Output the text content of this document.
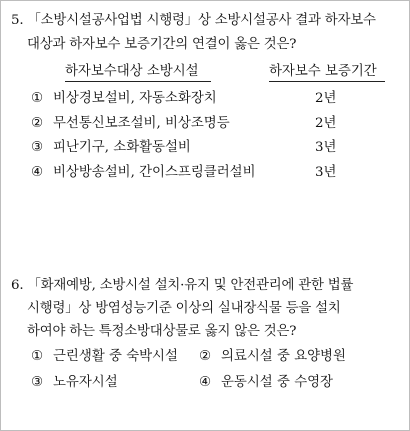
5. 「소방시설공사업법 시행령」상 소방시설공사 결과 하자보수
대상과 하자보수 보증기간의 연결이 옳은 것은?
하자보수대상 소방시설	하자보수 보증기간
① 비상경보설비, 자동소화장치	2년
② 무선통신보조설비, 비상조명등	2년
③ 피난기구, 소화활동설비	3년
④ 비상방송설비, 간이스프링클러설비	3년
6. 「화재예방, 소방시설 설치·유지 및 안전관리에 관한 법률
시행령」상 방염성능기준 이상의 실내장식물 등을 설치
하여야 하는 특정소방대상물로 옳지 않은 것은?
① 근린생활 중 숙박시설 ② 의료시설 중 요양병원
③ 노유자시설	④ 운동시설 중 수영장
